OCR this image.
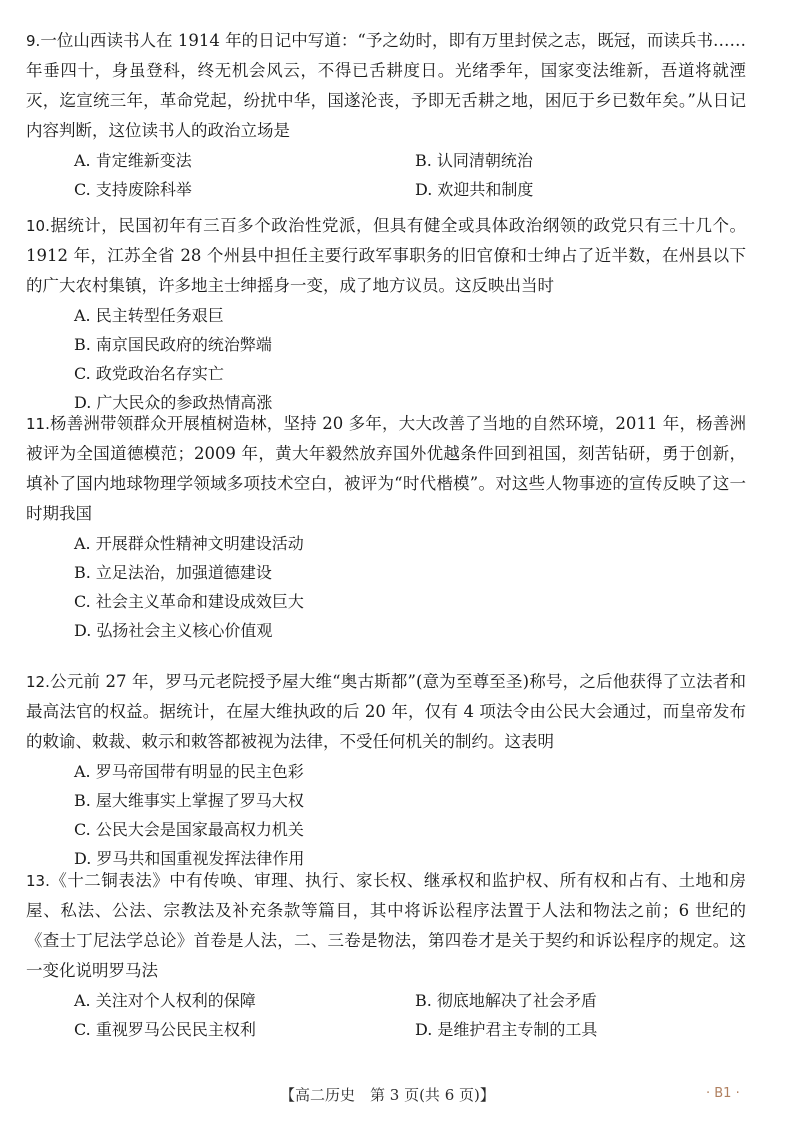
9.一位山西读书人在 1914 年的日记中写道：“予之幼时，即有万里封侯之志，既冠，而读兵书……年垂四十，身虽登科，终无机会风云，不得已舌耕度日。光绪季年，国家变法维新，吾道将就湮灭，迄宣统三年，革命党起，纷扰中华，国遂沦丧，予即无舌耕之地，困厄于乡已数年矣。”从日记内容判断，这位读书人的政治立场是

A. 肯定维新变法	B. 认同清朝统治
C. 支持废除科举	D. 欢迎共和制度

10.据统计，民国初年有三百多个政治性党派，但具有健全或具体政治纲领的政党只有三十几个。1912 年，江苏全省 28 个州县中担任主要行政军事职务的旧官僚和士绅占了近半数，在州县以下的广大农村集镇，许多地主士绅摇身一变，成了地方议员。这反映出当时

A. 民主转型任务艰巨
B. 南京国民政府的统治弊端
C. 政党政治名存实亡
D. 广大民众的参政热情高涨

11.杨善洲带领群众开展植树造林，坚持 20 多年，大大改善了当地的自然环境，2011 年，杨善洲被评为全国道德模范；2009 年，黄大年毅然放弃国外优越条件回到祖国，刻苦钻研，勇于创新，填补了国内地球物理学领域多项技术空白，被评为“时代楷模”。对这些人物事迹的宣传反映了这一时期我国

A. 开展群众性精神文明建设活动
B. 立足法治，加强道德建设
C. 社会主义革命和建设成效巨大
D. 弘扬社会主义核心价值观

12.公元前 27 年，罗马元老院授予屋大维“奥古斯都”(意为至尊至圣)称号，之后他获得了立法者和最高法官的权益。据统计，在屋大维执政的后 20 年，仅有 4 项法令由公民大会通过，而皇帝发布的敕谕、敕裁、敕示和敕答都被视为法律，不受任何机关的制约。这表明

A. 罗马帝国带有明显的民主色彩
B. 屋大维事实上掌握了罗马大权
C. 公民大会是国家最高权力机关
D. 罗马共和国重视发挥法律作用

13.《十二铜表法》中有传唤、审理、执行、家长权、继承权和监护权、所有权和占有、土地和房屋、私法、公法、宗教法及补充条款等篇目，其中将诉讼程序法置于人法和物法之前；6 世纪的《查士丁尼法学总论》首卷是人法，二、三卷是物法，第四卷才是关于契约和诉讼程序的规定。这一变化说明罗马法

A. 关注对个人权利的保障	B. 彻底地解决了社会矛盾
C. 重视罗马公民民主权利	D. 是维护君主专制的工具
【高二历史　第 3 页(共 6 页)】	· B1 ·
